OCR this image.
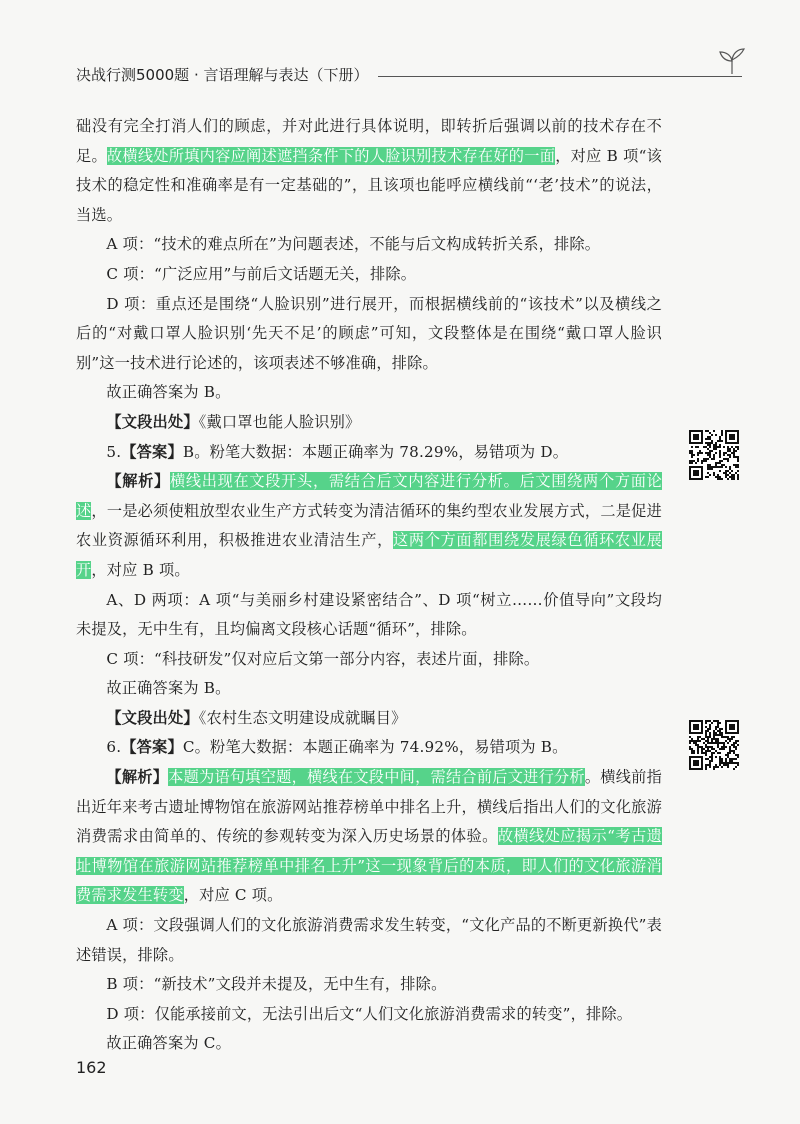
决战行测5000题 · 言语理解与表达（下册）

础没有完全打消人们的顾虑，并对此进行具体说明，即转折后强调以前的技术存在不足。故横线处所填内容应阐述遮挡条件下的人脸识别技术存在好的一面，对应 B 项“该技术的稳定性和准确率是有一定基础的”，且该项也能呼应横线前“‘老’技术”的说法，当选。

A 项：“技术的难点所在”为问题表述，不能与后文构成转折关系，排除。

C 项：“广泛应用”与前后文话题无关，排除。

D 项：重点还是围绕“人脸识别”进行展开，而根据横线前的“该技术”以及横线之后的“对戴口罩人脸识别‘先天不足’的顾虑”可知，文段整体是在围绕“戴口罩人脸识别”这一技术进行论述的，该项表述不够准确，排除。

故正确答案为 B。

【文段出处】《戴口罩也能人脸识别》

5.【答案】B。粉笔大数据：本题正确率为 78.29%，易错项为 D。

【解析】横线出现在文段开头，需结合后文内容进行分析。后文围绕两个方面论述，一是必须使粗放型农业生产方式转变为清洁循环的集约型农业发展方式，二是促进农业资源循环利用，积极推进农业清洁生产，这两个方面都围绕发展绿色循环农业展开，对应 B 项。

A、D 两项：A 项“与美丽乡村建设紧密结合”、D 项“树立……价值导向”文段均未提及，无中生有，且均偏离文段核心话题“循环”，排除。

C 项：“科技研发”仅对应后文第一部分内容，表述片面，排除。

故正确答案为 B。

【文段出处】《农村生态文明建设成就瞩目》

6.【答案】C。粉笔大数据：本题正确率为 74.92%，易错项为 B。

【解析】本题为语句填空题，横线在文段中间，需结合前后文进行分析。横线前指出近年来考古遗址博物馆在旅游网站推荐榜单中排名上升，横线后指出人们的文化旅游消费需求由简单的、传统的参观转变为深入历史场景的体验。故横线处应揭示“考古遗址博物馆在旅游网站推荐榜单中排名上升”这一现象背后的本质，即人们的文化旅游消费需求发生转变，对应 C 项。

A 项：文段强调人们的文化旅游消费需求发生转变，“文化产品的不断更新换代”表述错误，排除。

B 项：“新技术”文段并未提及，无中生有，排除。

D 项：仅能承接前文，无法引出后文“人们文化旅游消费需求的转变”，排除。

故正确答案为 C。

162
